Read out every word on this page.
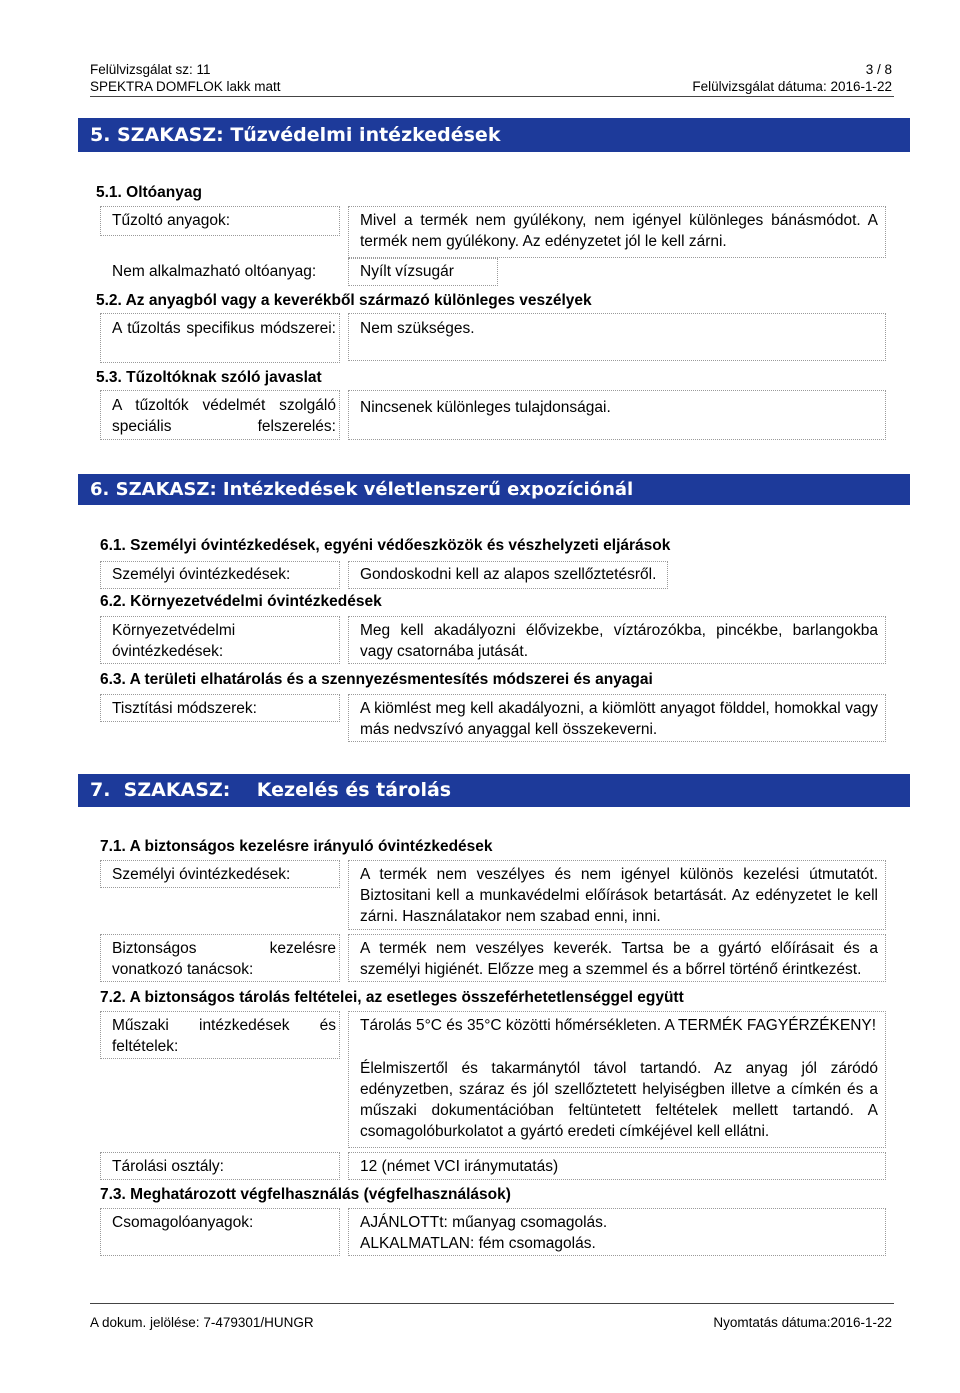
Felülvizsgálat sz: 11	3 / 8
SPEKTRA DOMFLOK lakk matt	Felülvizsgálat dátuma: 2016-1-22
5. SZAKASZ: Tűzvédelmi intézkedések
5.1. Oltóanyag
Tűzoltó anyagok:	Mivel a termék nem gyúlékony, nem igényel különleges bánásmódot. A termék nem gyúlékony. Az edényzetet jól le kell zárni.
Nem alkalmazható oltóanyag:	Nyílt vízsugár
5.2. Az anyagból vagy a keverékből származó különleges veszélyek
A tűzoltás specifikus módszerei: Nem szükséges.
5.3. Tűzoltóknak szóló javaslat
A tűzoltók védelmét szolgáló speciális felszerelés:
Nincsenek különleges tulajdonságai.
6. SZAKASZ: Intézkedések véletlenszerű expozíciónál
6.1. Személyi óvintézkedések, egyéni védőeszközök és vészhelyzeti eljárások
Személyi óvintézkedések:	Gondoskodni kell az alapos szellőztetésről.
6.2. Környezetvédelmi óvintézkedések
Környezetvédelmi óvintézkedések:
Meg kell akadályozni élővizekbe, víztározókba, pincékbe, barlangokba vagy csatornába jutását.
6.3. A területi elhatárolás és a szennyezésmentesítés módszerei és anyagai
Tisztítási módszerek:	A kiömlést meg kell akadályozni, a kiömlött anyagot földdel, homokkal vagy más nedvszívó anyaggal kell összekeverni.
7.  SZAKASZ:    Kezelés és tárolás
7.1. A biztonságos kezelésre irányuló óvintézkedések
Személyi óvintézkedések:	A termék nem veszélyes és nem igényel különös kezelési útmutatót. Biztositani kell a munkavédelmi előírások betartását. Az edényzetet le kell zárni. Használatakor nem szabad enni, inni.
Biztonságos kezelésre vonatkozó tanácsok:
A termék nem veszélyes keverék. Tartsa be a gyártó előírásait és a személyi higiénét. Előzze meg a szemmel és a bőrrel történő érintkezést.
7.2. A biztonságos tárolás feltételei, az esetleges összeférhetetlenséggel együtt
Műszaki intézkedések és feltételek:
Tárolás 5°C és 35°C közötti hőmérsékleten. A TERMÉK FAGYÉRZÉKENY!
Élelmiszertől és takarmánytól távol tartandó. Az anyag jól záródó edényzetben, száraz és jól szellőztetett helyiségben illetve a címkén és a műszaki dokumentációban feltüntetett feltételek mellett tartandó. A csomagolóburkolatot a gyártó eredeti címkéjével kell ellátni.
Tárolási osztály:	12 (német VCI iránymutatás)
7.3. Meghatározott végfelhasználás (végfelhasználások)
Csomagolóanyagok:	AJÁNLOTTt: műanyag csomagolás.
ALKALMATLAN: fém csomagolás.
A dokum. jelölése: 7-479301/HUNGR	Nyomtatás dátuma:2016-1-22
